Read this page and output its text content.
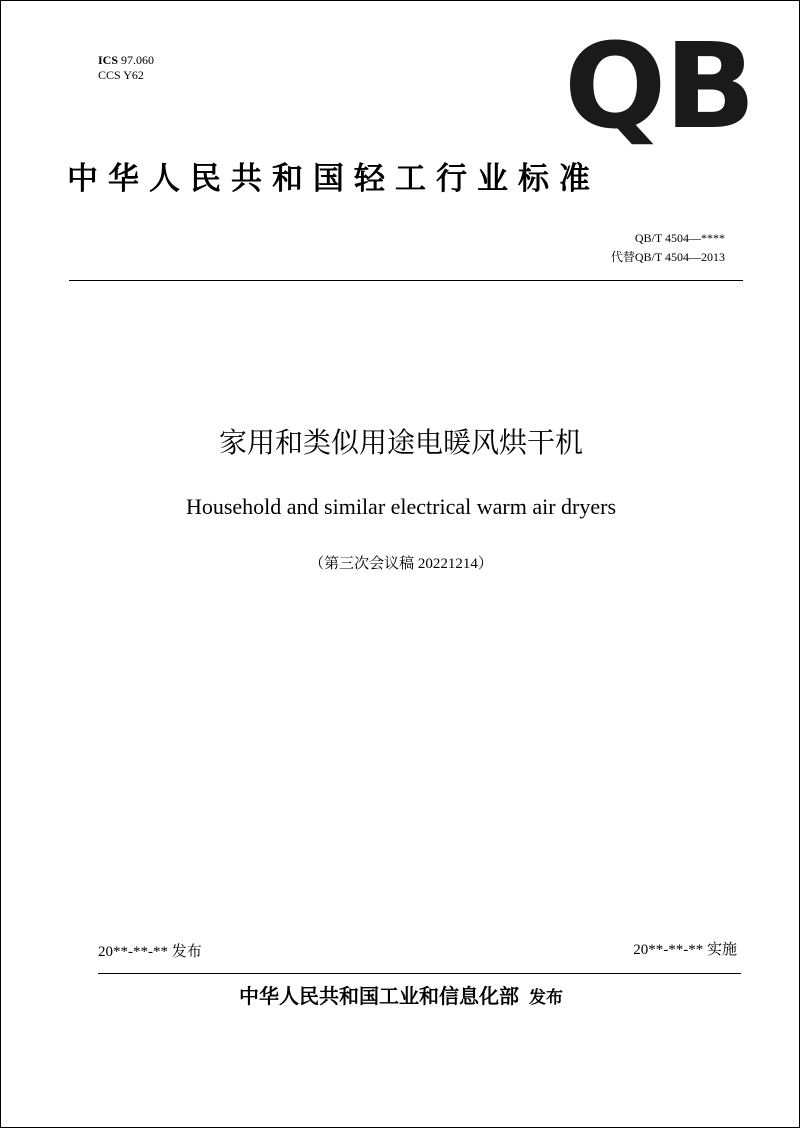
ICS 97.060
CCS Y62	QB
中华人民共和国轻工行业标准
QB/T 4504—****
代替QB/T 4504—2013
家用和类似用途电暖风烘干机
Household and similar electrical warm air dryers
（第三次会议稿 20221214）
20**-**-** 发布	20**-**-** 实施
中华人民共和国工业和信息化部 发布
